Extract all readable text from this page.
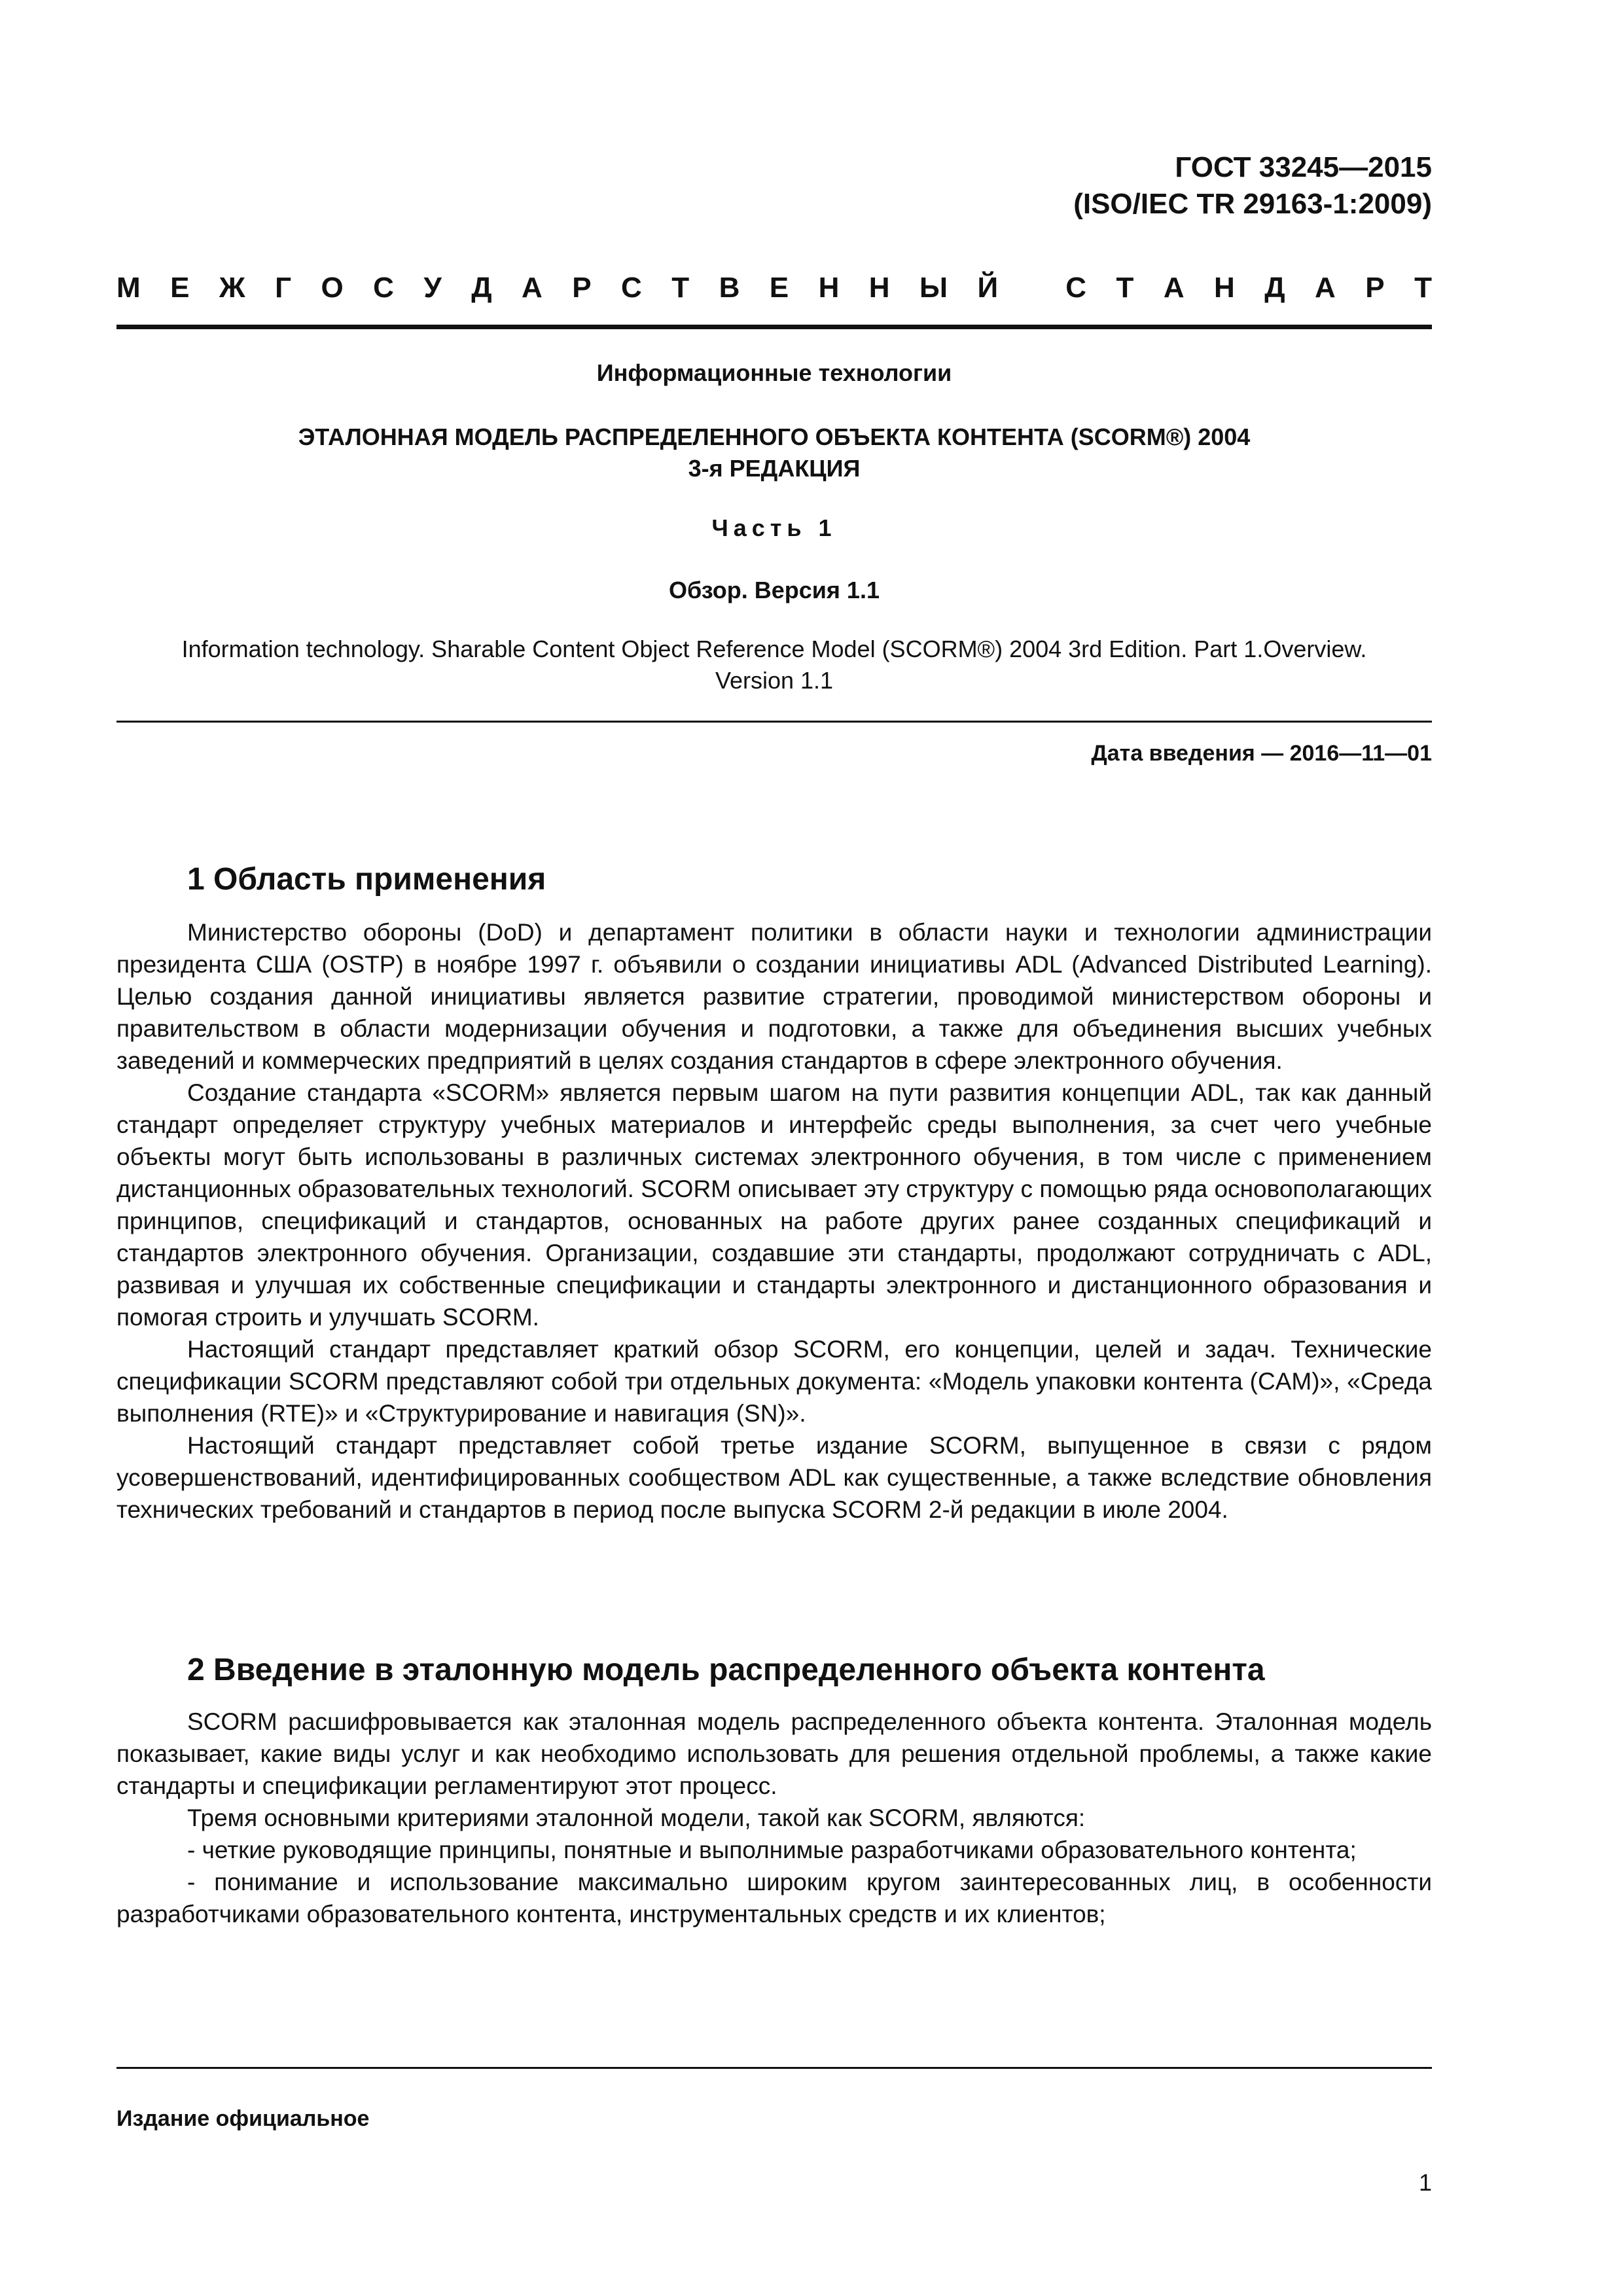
ГОСТ 33245—2015
(ISO/IEC TR 29163-1:2009)
М Е Ж Г О С У Д А Р С Т В Е Н Н Ы Й
С Т А Н Д А Р Т
Информационные технологии
ЭТАЛОННАЯ МОДЕЛЬ РАСПРЕДЕЛЕННОГО ОБЪЕКТА КОНТЕНТА (SCORM®) 2004
3-я РЕДАКЦИЯ
Часть 1
Обзор. Версия 1.1
Information technology. Sharable Content Object Reference Model (SCORM®) 2004 3rd Edition. Part 1.Overview.
Version 1.1
Дата введения — 2016—11—01
1 Область применения

Министерство обороны (DoD) и департамент политики в области науки и технологии администрации президента США (OSTP) в ноябре 1997 г. объявили о создании инициативы ADL (Advanced Distributed Learning). Целью создания данной инициативы является развитие стратегии, проводимой министерством обороны и правительством в области модернизации обучения и подготовки, а также для объединения высших учебных заведений и коммерческих предприятий в целях создания стандартов в сфере электронного обучения.

Создание стандарта «SCORM» является первым шагом на пути развития концепции ADL, так как данный стандарт определяет структуру учебных материалов и интерфейс среды выполнения, за счет чего учебные объекты могут быть использованы в различных системах электронного обучения, в том числе с применением дистанционных образовательных технологий. SCORM описывает эту структуру с помощью ряда основополагающих принципов, спецификаций и стандартов, основанных на работе других ранее созданных спецификаций и стандартов электронного обучения. Организации, создавшие эти стандарты, продолжают сотрудничать с ADL, развивая и улучшая их собственные спецификации и стандарты электронного и дистанционного образования и помогая строить и улучшать SCORM.

Настоящий стандарт представляет краткий обзор SCORM, его концепции, целей и задач. Технические спецификации SCORM представляют собой три отдельных документа: «Модель упаковки контента (CAM)», «Среда выполнения (RTE)» и «Структурирование и навигация (SN)».

Настоящий стандарт представляет собой третье издание SCORM, выпущенное в связи с рядом усовершенствований, идентифицированных сообществом ADL как существенные, а также вследствие обновления технических требований и стандартов в период после выпуска SCORM 2-й редакции в июле 2004.

2 Введение в эталонную модель распределенного объекта контента

SCORM расшифровывается как эталонная модель распределенного объекта контента. Эталонная модель показывает, какие виды услуг и как необходимо использовать для решения отдельной проблемы, а также какие стандарты и спецификации регламентируют этот процесс.

Тремя основными критериями эталонной модели, такой как SCORM, являются:

- четкие руководящие принципы, понятные и выполнимые разработчиками образовательного контента;

- понимание и использование максимально широким кругом заинтересованных лиц, в особенности разработчиками образовательного контента, инструментальных средств и их клиентов;

Издание официальное
1
